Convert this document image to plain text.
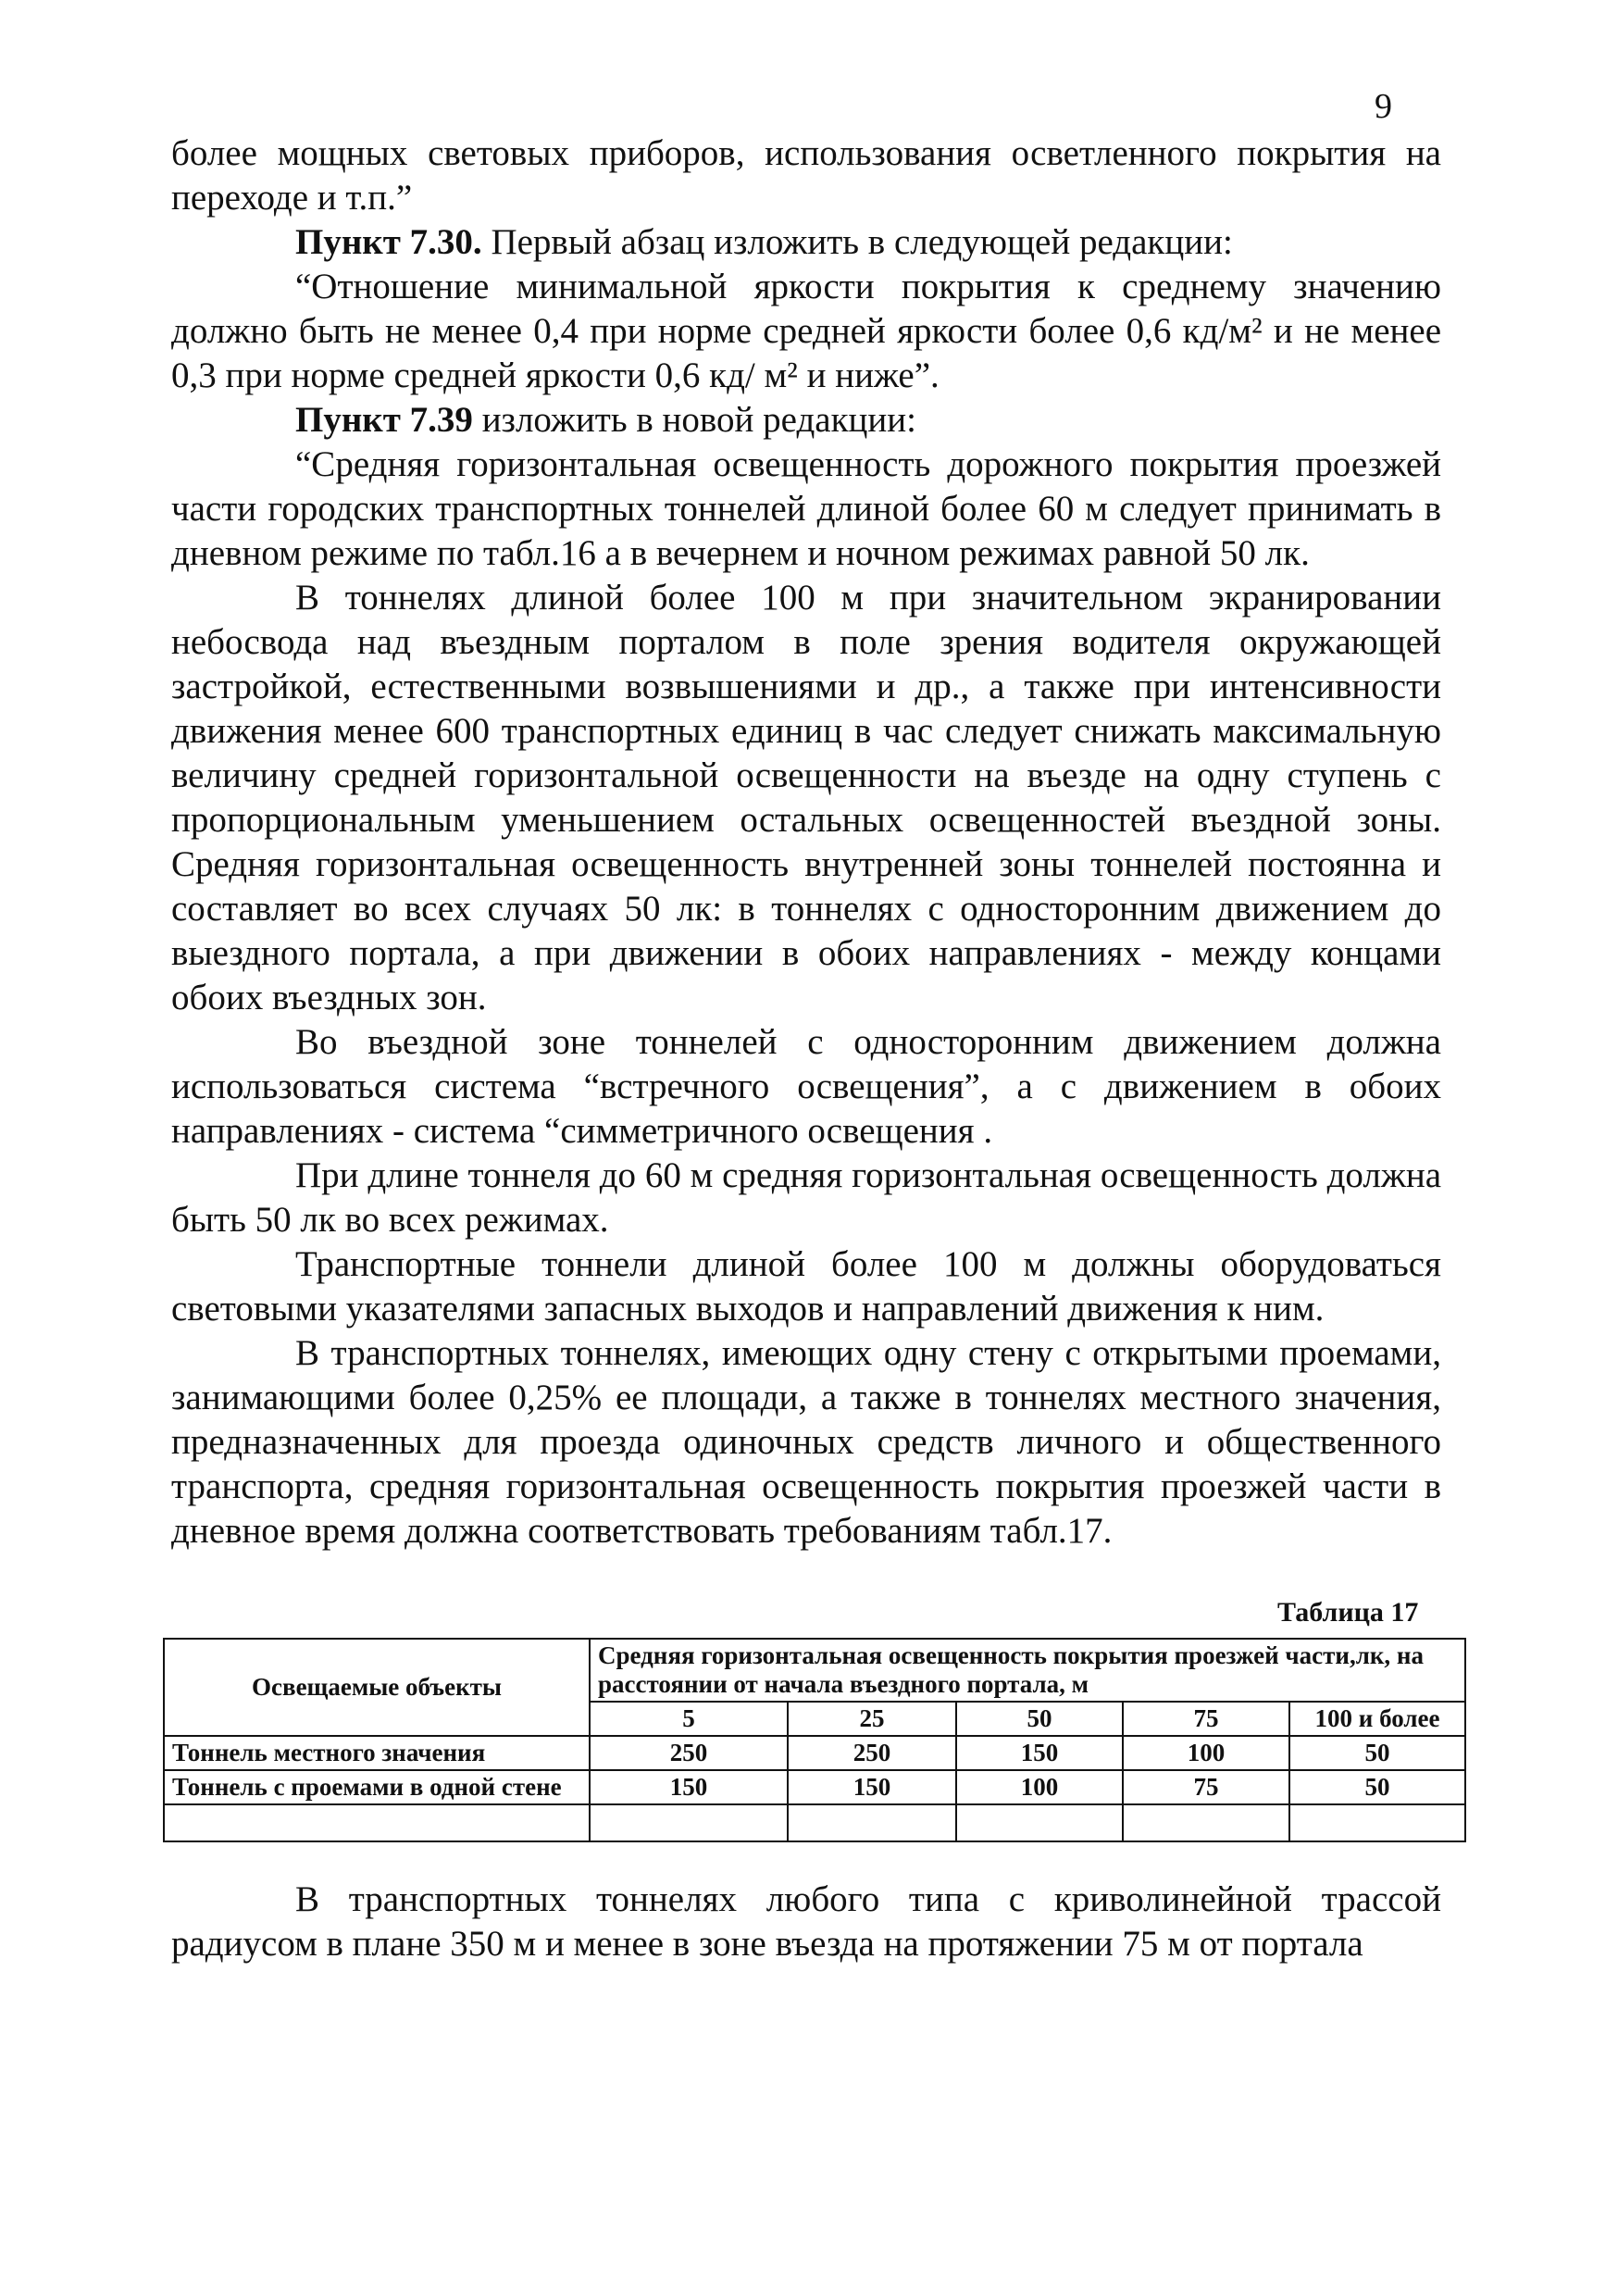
9

более мощных световых приборов, использования осветленного покрытия на переходе и т.п.”

Пункт 7.30. Первый абзац изложить в следующей редакции:

“Отношение минимальной яркости покрытия к среднему значению должно быть не менее 0,4 при норме средней яркости более 0,6 кд/м² и не менее 0,3 при норме средней яркости 0,6 кд/ м² и ниже”.

Пункт 7.39 изложить в новой редакции:

“Средняя горизонтальная освещенность дорожного покрытия проезжей части городских транспортных тоннелей длиной более 60 м следует принимать в дневном режиме по табл.16 а в вечернем и ночном режимах равной 50 лк.

В тоннелях длиной более 100 м при значительном экранировании небосвода над въездным порталом в поле зрения водителя окружающей застройкой, естественными возвышениями и др., а также при интенсивности движения менее 600 транспортных единиц в час следует снижать максимальную величину средней горизонтальной освещенности на въезде на одну ступень с пропорциональным уменьшением остальных освещенностей въездной зоны. Средняя горизонтальная освещенность внутренней зоны тоннелей постоянна и составляет во всех случаях 50 лк: в тоннелях с односторонним движением до выездного портала, а при движении в обоих направлениях - между концами обоих въездных зон.

Во въездной зоне тоннелей с односторонним движением должна использоваться система “встречного освещения”, а с движением в обоих направлениях - система “симметричного освещения .

При длине тоннеля до 60 м средняя горизонтальная освещенность должна быть 50 лк во всех режимах.

Транспортные тоннели длиной более 100 м должны оборудоваться световыми указателями запасных выходов и направлений движения к ним.

В транспортных тоннелях, имеющих одну стену с открытыми проемами, занимающими более 0,25% ее площади, а также в тоннелях местного значения, предназначенных для проезда одиночных средств личного и общественного транспорта, средняя горизонтальная освещенность покрытия проезжей части в дневное время должна соответствовать требованиям табл.17.

Таблица 17
Освещаемые объекты	Средняя горизонтальная освещенность покрытия проезжей части,лк, на расстоянии от начала въездного портала, м				
	5	25	50	75	100 и более
Тоннель местного значения	250	250	150	100	50
Тоннель с проемами в одной стене	150	150	100	75	50

В транспортных тоннелях любого типа с криволинейной трассой радиусом в плане 350 м и менее в зоне въезда на протяжении 75 м от портала
